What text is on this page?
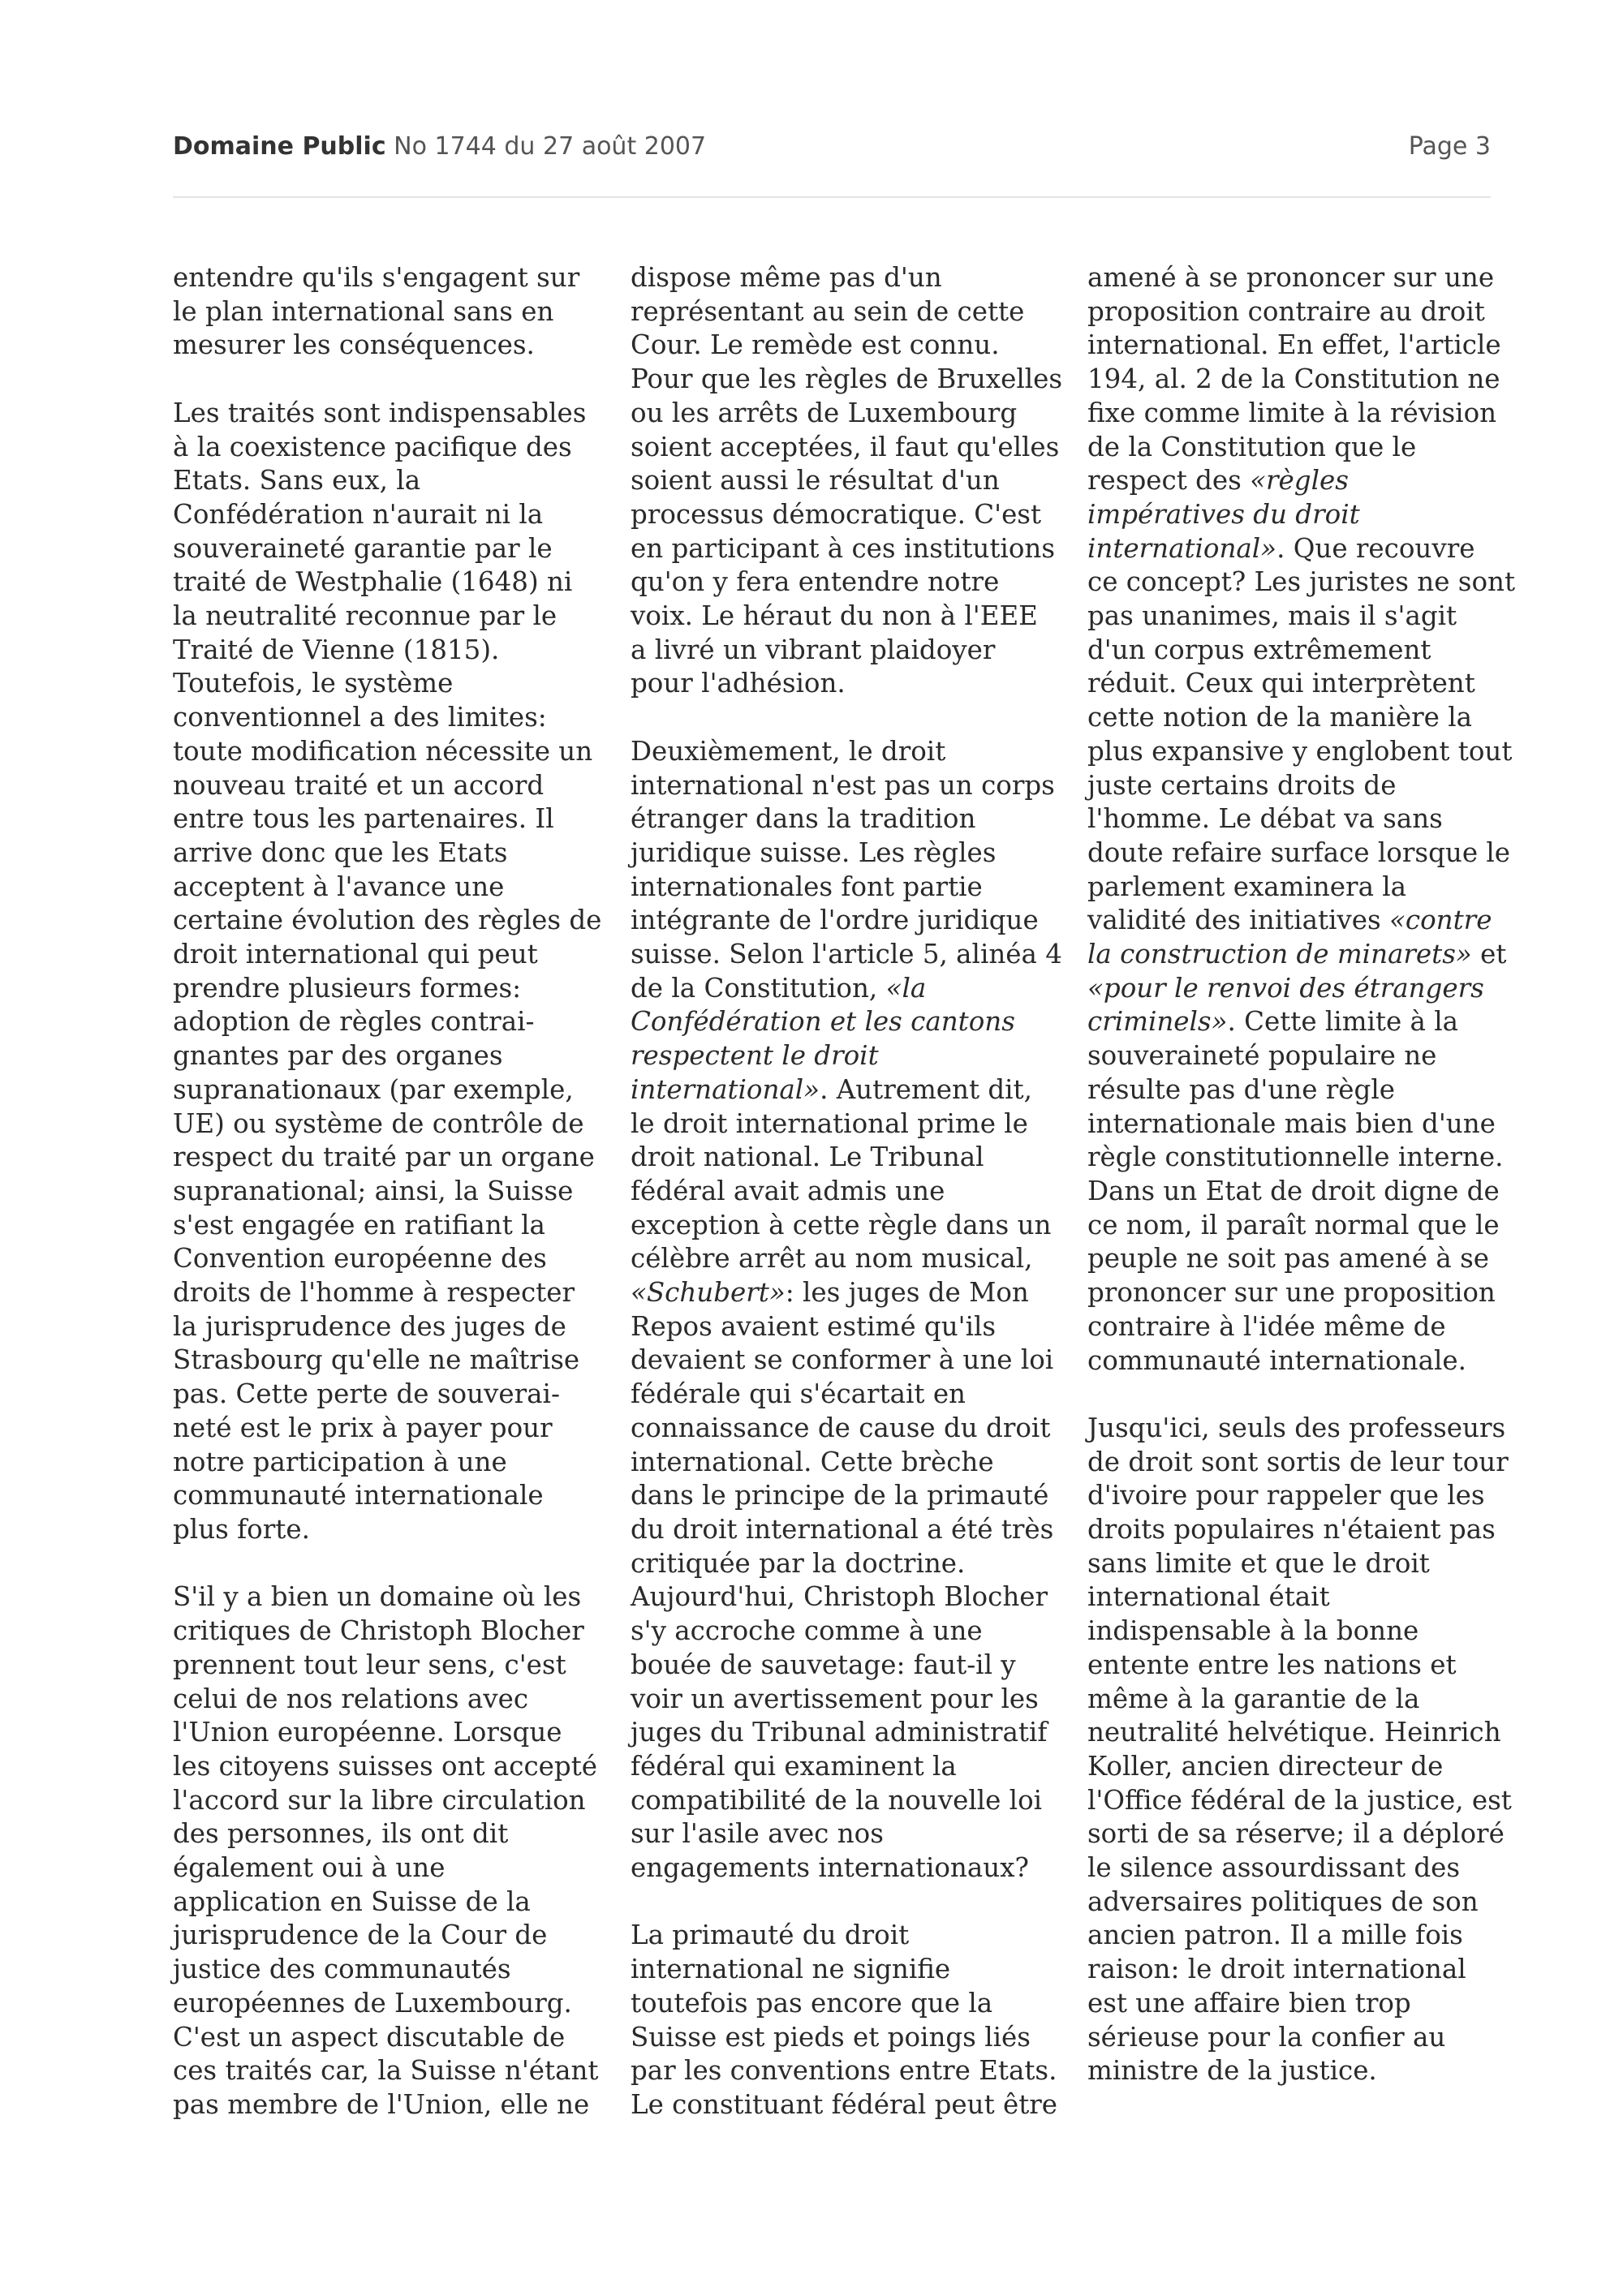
Domaine Public No 1744 du 27 août 2007	Page 3

entendre qu'ils s'engagent sur
le plan international sans en
mesurer les conséquences.

Les traités sont indispensables
à la coexistence pacifique des
Etats. Sans eux, la
Confédération n'aurait ni la
souveraineté garantie par le
traité de Westphalie (1648) ni
la neutralité reconnue par le
Traité de Vienne (1815).
Toutefois, le système
conventionnel a des limites:
toute modification nécessite un
nouveau traité et un accord
entre tous les partenaires. Il
arrive donc que les Etats
acceptent à l'avance une
certaine évolution des règles de
droit international qui peut
prendre plusieurs formes:
adoption de règles contrai-
gnantes par des organes
supranationaux (par exemple,
UE) ou système de contrôle de
respect du traité par un organe
supranational; ainsi, la Suisse
s'est engagée en ratifiant la
Convention européenne des
droits de l'homme à respecter
la jurisprudence des juges de
Strasbourg qu'elle ne maîtrise
pas. Cette perte de souverai-
neté est le prix à payer pour
notre participation à une
communauté internationale
plus forte.

S'il y a bien un domaine où les
critiques de Christoph Blocher
prennent tout leur sens, c'est
celui de nos relations avec
l'Union européenne. Lorsque
les citoyens suisses ont accepté
l'accord sur la libre circulation
des personnes, ils ont dit
également oui à une
application en Suisse de la
jurisprudence de la Cour de
justice des communautés
européennes de Luxembourg.
C'est un aspect discutable de
ces traités car, la Suisse n'étant
pas membre de l'Union, elle ne

dispose même pas d'un
représentant au sein de cette
Cour. Le remède est connu.
Pour que les règles de Bruxelles
ou les arrêts de Luxembourg
soient acceptées, il faut qu'elles
soient aussi le résultat d'un
processus démocratique. C'est
en participant à ces institutions
qu'on y fera entendre notre
voix. Le héraut du non à l'EEE
a livré un vibrant plaidoyer
pour l'adhésion.

Deuxièmement, le droit
international n'est pas un corps
étranger dans la tradition
juridique suisse. Les règles
internationales font partie
intégrante de l'ordre juridique
suisse. Selon l'article 5, alinéa 4
de la Constitution, «la
Confédération et les cantons
respectent le droit
international». Autrement dit,
le droit international prime le
droit national. Le Tribunal
fédéral avait admis une
exception à cette règle dans un
célèbre arrêt au nom musical,
«Schubert»: les juges de Mon
Repos avaient estimé qu'ils
devaient se conformer à une loi
fédérale qui s'écartait en
connaissance de cause du droit
international. Cette brèche
dans le principe de la primauté
du droit international a été très
critiquée par la doctrine.
Aujourd'hui, Christoph Blocher
s'y accroche comme à une
bouée de sauvetage: faut-il y
voir un avertissement pour les
juges du Tribunal administratif
fédéral qui examinent la
compatibilité de la nouvelle loi
sur l'asile avec nos
engagements internationaux?

La primauté du droit
international ne signifie
toutefois pas encore que la
Suisse est pieds et poings liés
par les conventions entre Etats.
Le constituant fédéral peut être

amené à se prononcer sur une
proposition contraire au droit
international. En effet, l'article
194, al. 2 de la Constitution ne
fixe comme limite à la révision
de la Constitution que le
respect des «règles
impératives du droit
international». Que recouvre
ce concept? Les juristes ne sont
pas unanimes, mais il s'agit
d'un corpus extrêmement
réduit. Ceux qui interprètent
cette notion de la manière la
plus expansive y englobent tout
juste certains droits de
l'homme. Le débat va sans
doute refaire surface lorsque le
parlement examinera la
validité des initiatives «contre
la construction de minarets» et
«pour le renvoi des étrangers
criminels». Cette limite à la
souveraineté populaire ne
résulte pas d'une règle
internationale mais bien d'une
règle constitutionnelle interne.
Dans un Etat de droit digne de
ce nom, il paraît normal que le
peuple ne soit pas amené à se
prononcer sur une proposition
contraire à l'idée même de
communauté internationale.

Jusqu'ici, seuls des professeurs
de droit sont sortis de leur tour
d'ivoire pour rappeler que les
droits populaires n'étaient pas
sans limite et que le droit
international était
indispensable à la bonne
entente entre les nations et
même à la garantie de la
neutralité helvétique. Heinrich
Koller, ancien directeur de
l'Office fédéral de la justice, est
sorti de sa réserve; il a déploré
le silence assourdissant des
adversaires politiques de son
ancien patron. Il a mille fois
raison: le droit international
est une affaire bien trop
sérieuse pour la confier au
ministre de la justice.
